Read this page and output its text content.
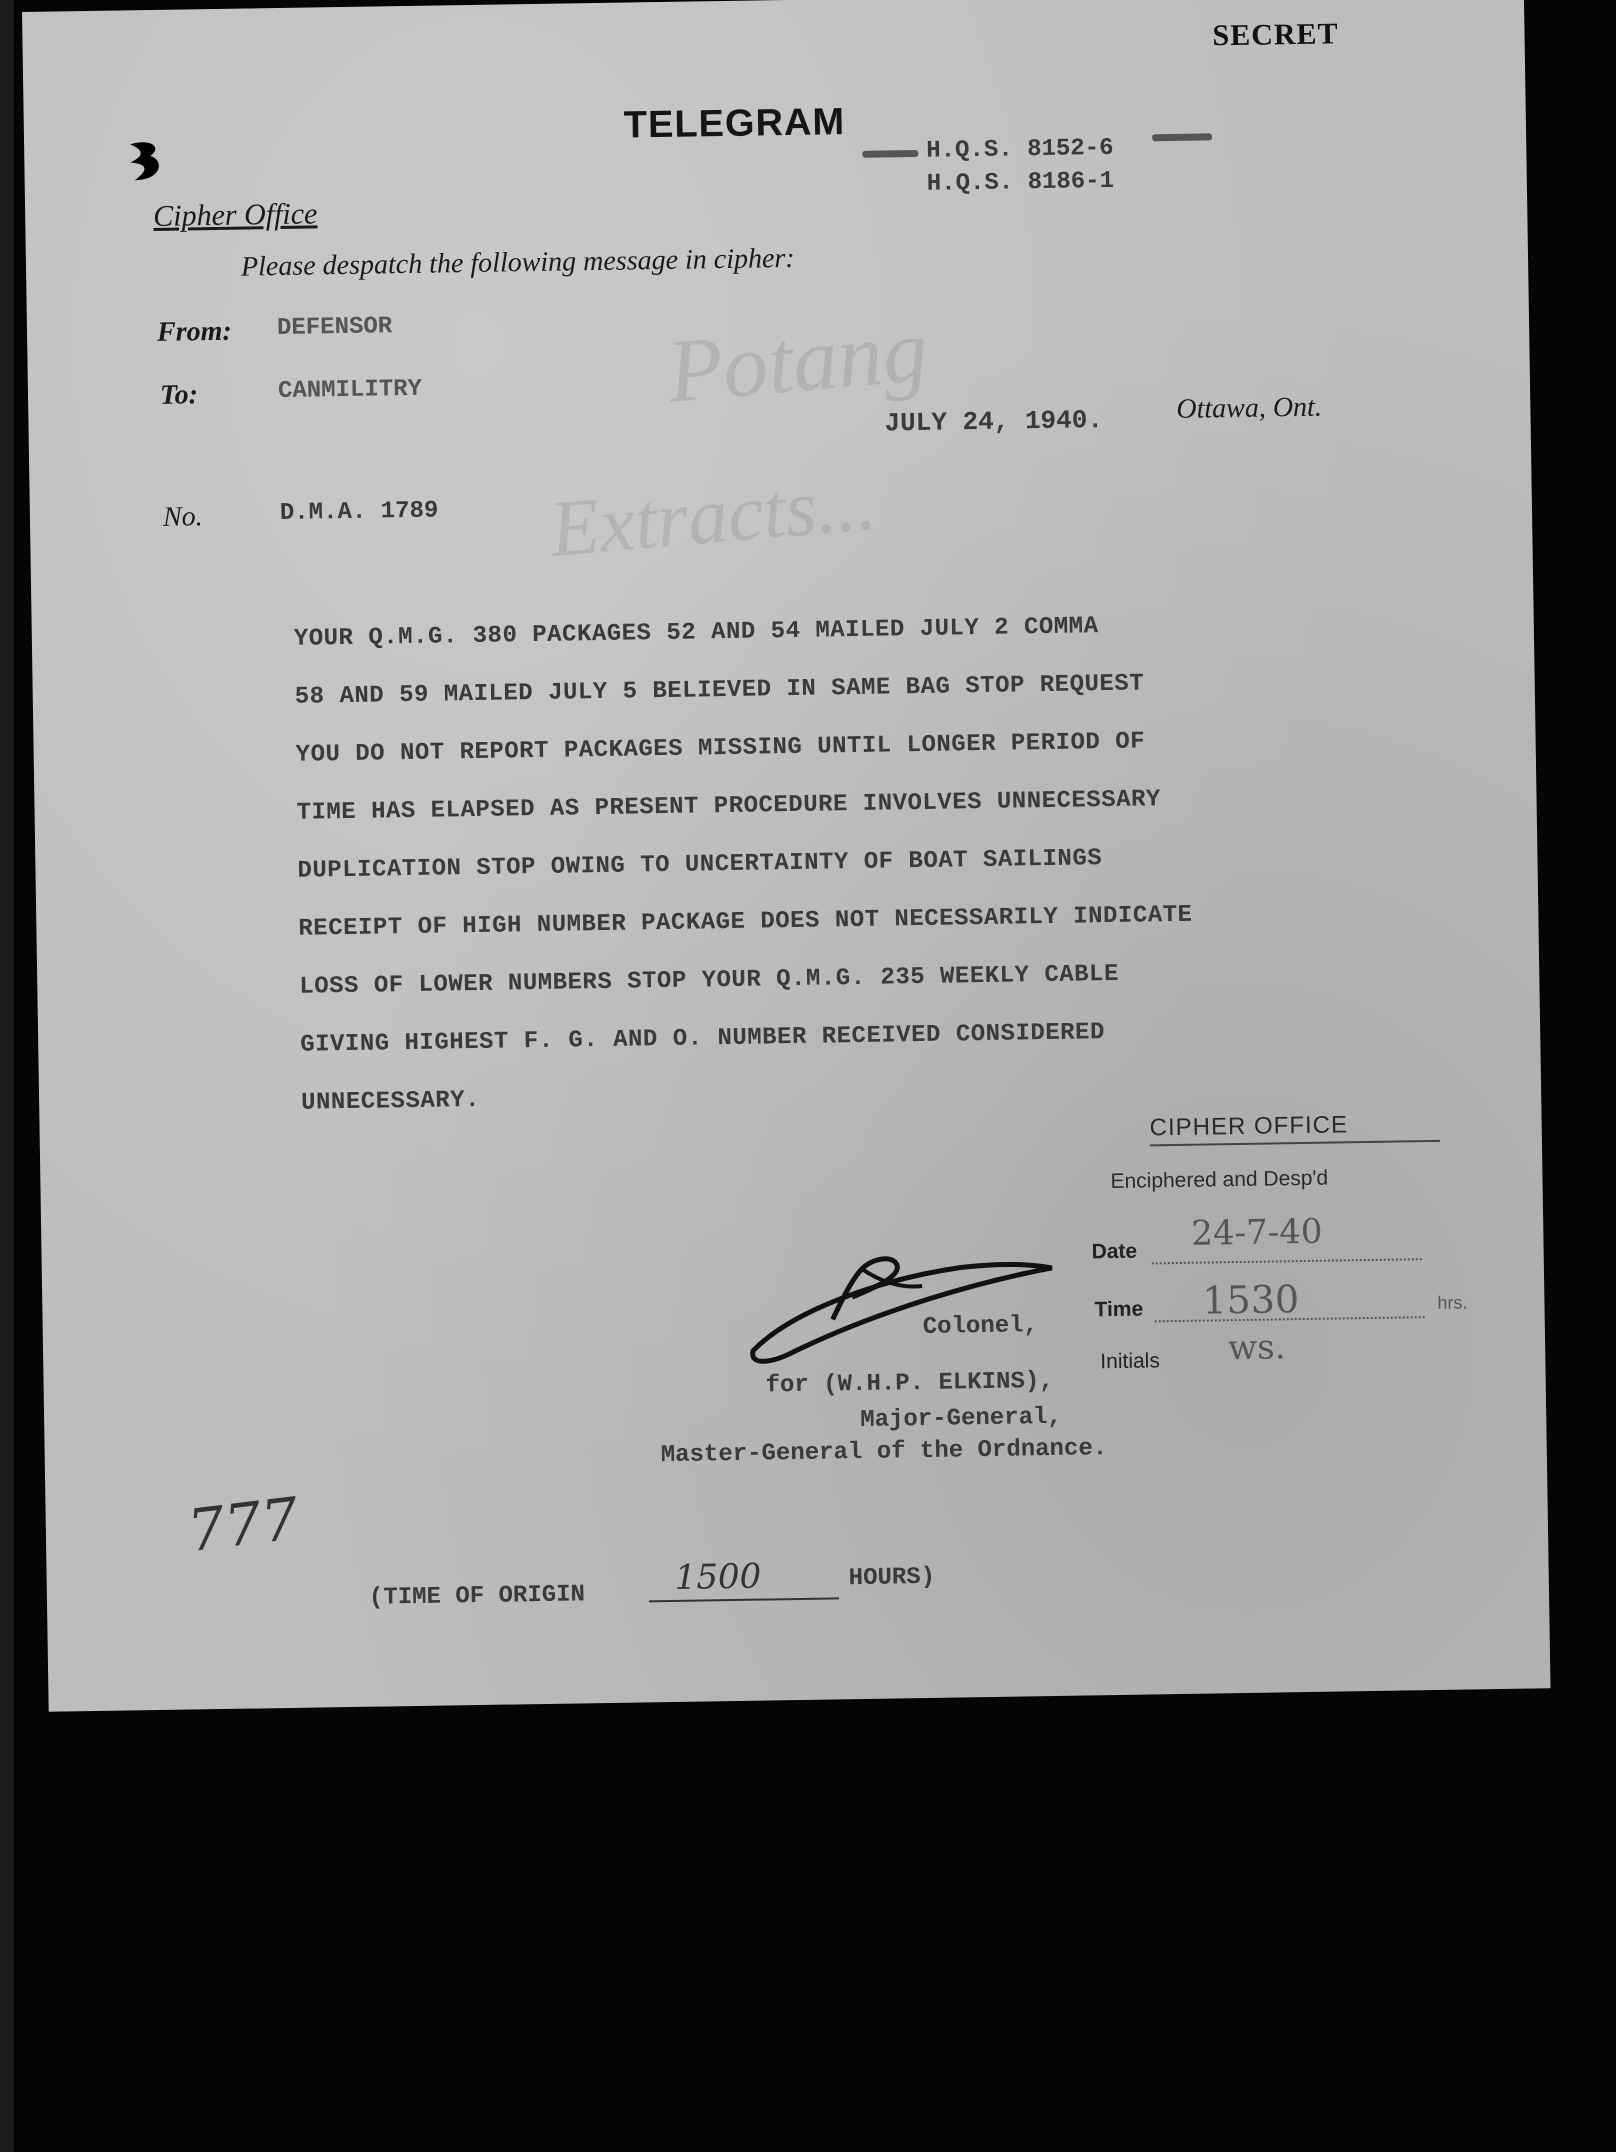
Potang
Extracts...
SECRET
TELEGRAM
H.Q.S. 8152-6
H.Q.S. 8186-1
Cipher Office
Please despatch the following message in cipher:
From: DEFENSOR
To:	CANMILITRY
JULY 24, 1940.	Ottawa, Ont.
No.	D.M.A. 1789
YOUR Q.M.G. 380 PACKAGES 52 AND 54 MAILED JULY 2 COMMA
58 AND 59 MAILED JULY 5 BELIEVED IN SAME BAG STOP REQUEST
YOU DO NOT REPORT PACKAGES MISSING UNTIL LONGER PERIOD OF
TIME HAS ELAPSED AS PRESENT PROCEDURE INVOLVES UNNECESSARY
DUPLICATION STOP OWING TO UNCERTAINTY OF BOAT SAILINGS
RECEIPT OF HIGH NUMBER PACKAGE DOES NOT NECESSARILY INDICATE
LOSS OF LOWER NUMBERS STOP YOUR Q.M.G. 235 WEEKLY CABLE
GIVING HIGHEST F. G. AND O. NUMBER RECEIVED CONSIDERED
UNNECESSARY.
CIPHER OFFICE
Enciphered and Desp'd
Date 24-7-40
Time 1530	hrs.
Initials ws.
Colonel,
for (W.H.P. ELKINS),
Major-General,
Master-General of the Ordnance.
777
(TIME OF ORIGIN	1500	HOURS)
